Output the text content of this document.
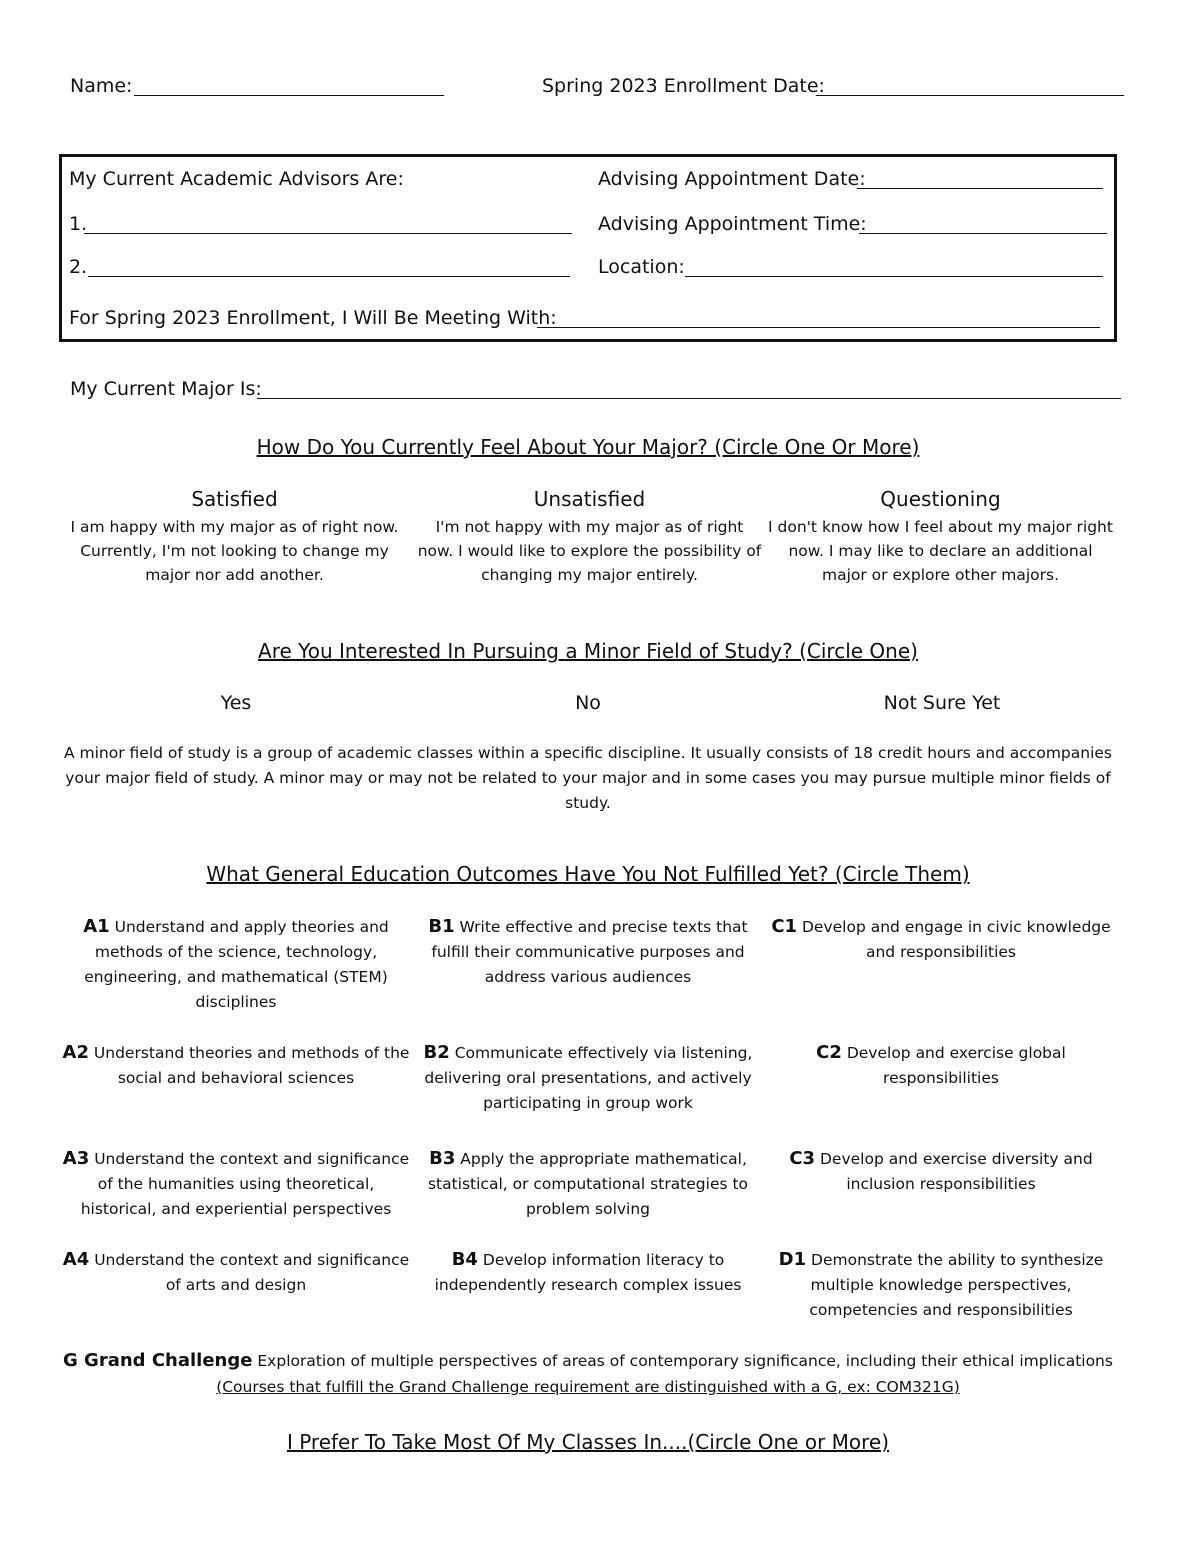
Name:	Spring 2023 Enrollment Date:
My Current Academic Advisors Are:
1.
2.
Advising Appointment Date:
Advising Appointment Time:
Location:
For Spring 2023 Enrollment, I Will Be Meeting With:
My Current Major Is:
How Do You Currently Feel About Your Major? (Circle One Or More)
Satisfied
I am happy with my major as of right now. Currently, I'm not looking to change my major nor add another.
Unsatisfied
I'm not happy with my major as of right now. I would like to explore the possibility of changing my major entirely.
Questioning
I don't know how I feel about my major right now. I may like to declare an additional major or explore other majors.
Are You Interested In Pursuing a Minor Field of Study? (Circle One)
Yes	No	Not Sure Yet
A minor field of study is a group of academic classes within a specific discipline. It usually consists of 18 credit hours and accompanies your major field of study. A minor may or may not be related to your major and in some cases you may pursue multiple minor fields of study.
What General Education Outcomes Have You Not Fulfilled Yet? (Circle Them)
A1 Understand and apply theories and methods of the science, technology, engineering, and mathematical (STEM) disciplines
B1 Write effective and precise texts that fulfill their communicative purposes and address various audiences
C1 Develop and engage in civic knowledge and responsibilities
A2 Understand theories and methods of the social and behavioral sciences
B2 Communicate effectively via listening, delivering oral presentations, and actively participating in group work
C2 Develop and exercise global responsibilities
A3 Understand the context and significance of the humanities using theoretical, historical, and experiential perspectives
B3 Apply the appropriate mathematical, statistical, or computational strategies to problem solving
C3 Develop and exercise diversity and inclusion responsibilities
A4 Understand the context and significance of arts and design
B4 Develop information literacy to independently research complex issues
D1 Demonstrate the ability to synthesize multiple knowledge perspectives, competencies and responsibilities
G Grand Challenge Exploration of multiple perspectives of areas of contemporary significance, including their ethical implications
(Courses that fulfill the Grand Challenge requirement are distinguished with a G, ex: COM321G)
I Prefer To Take Most Of My Classes In....(Circle One or More)
